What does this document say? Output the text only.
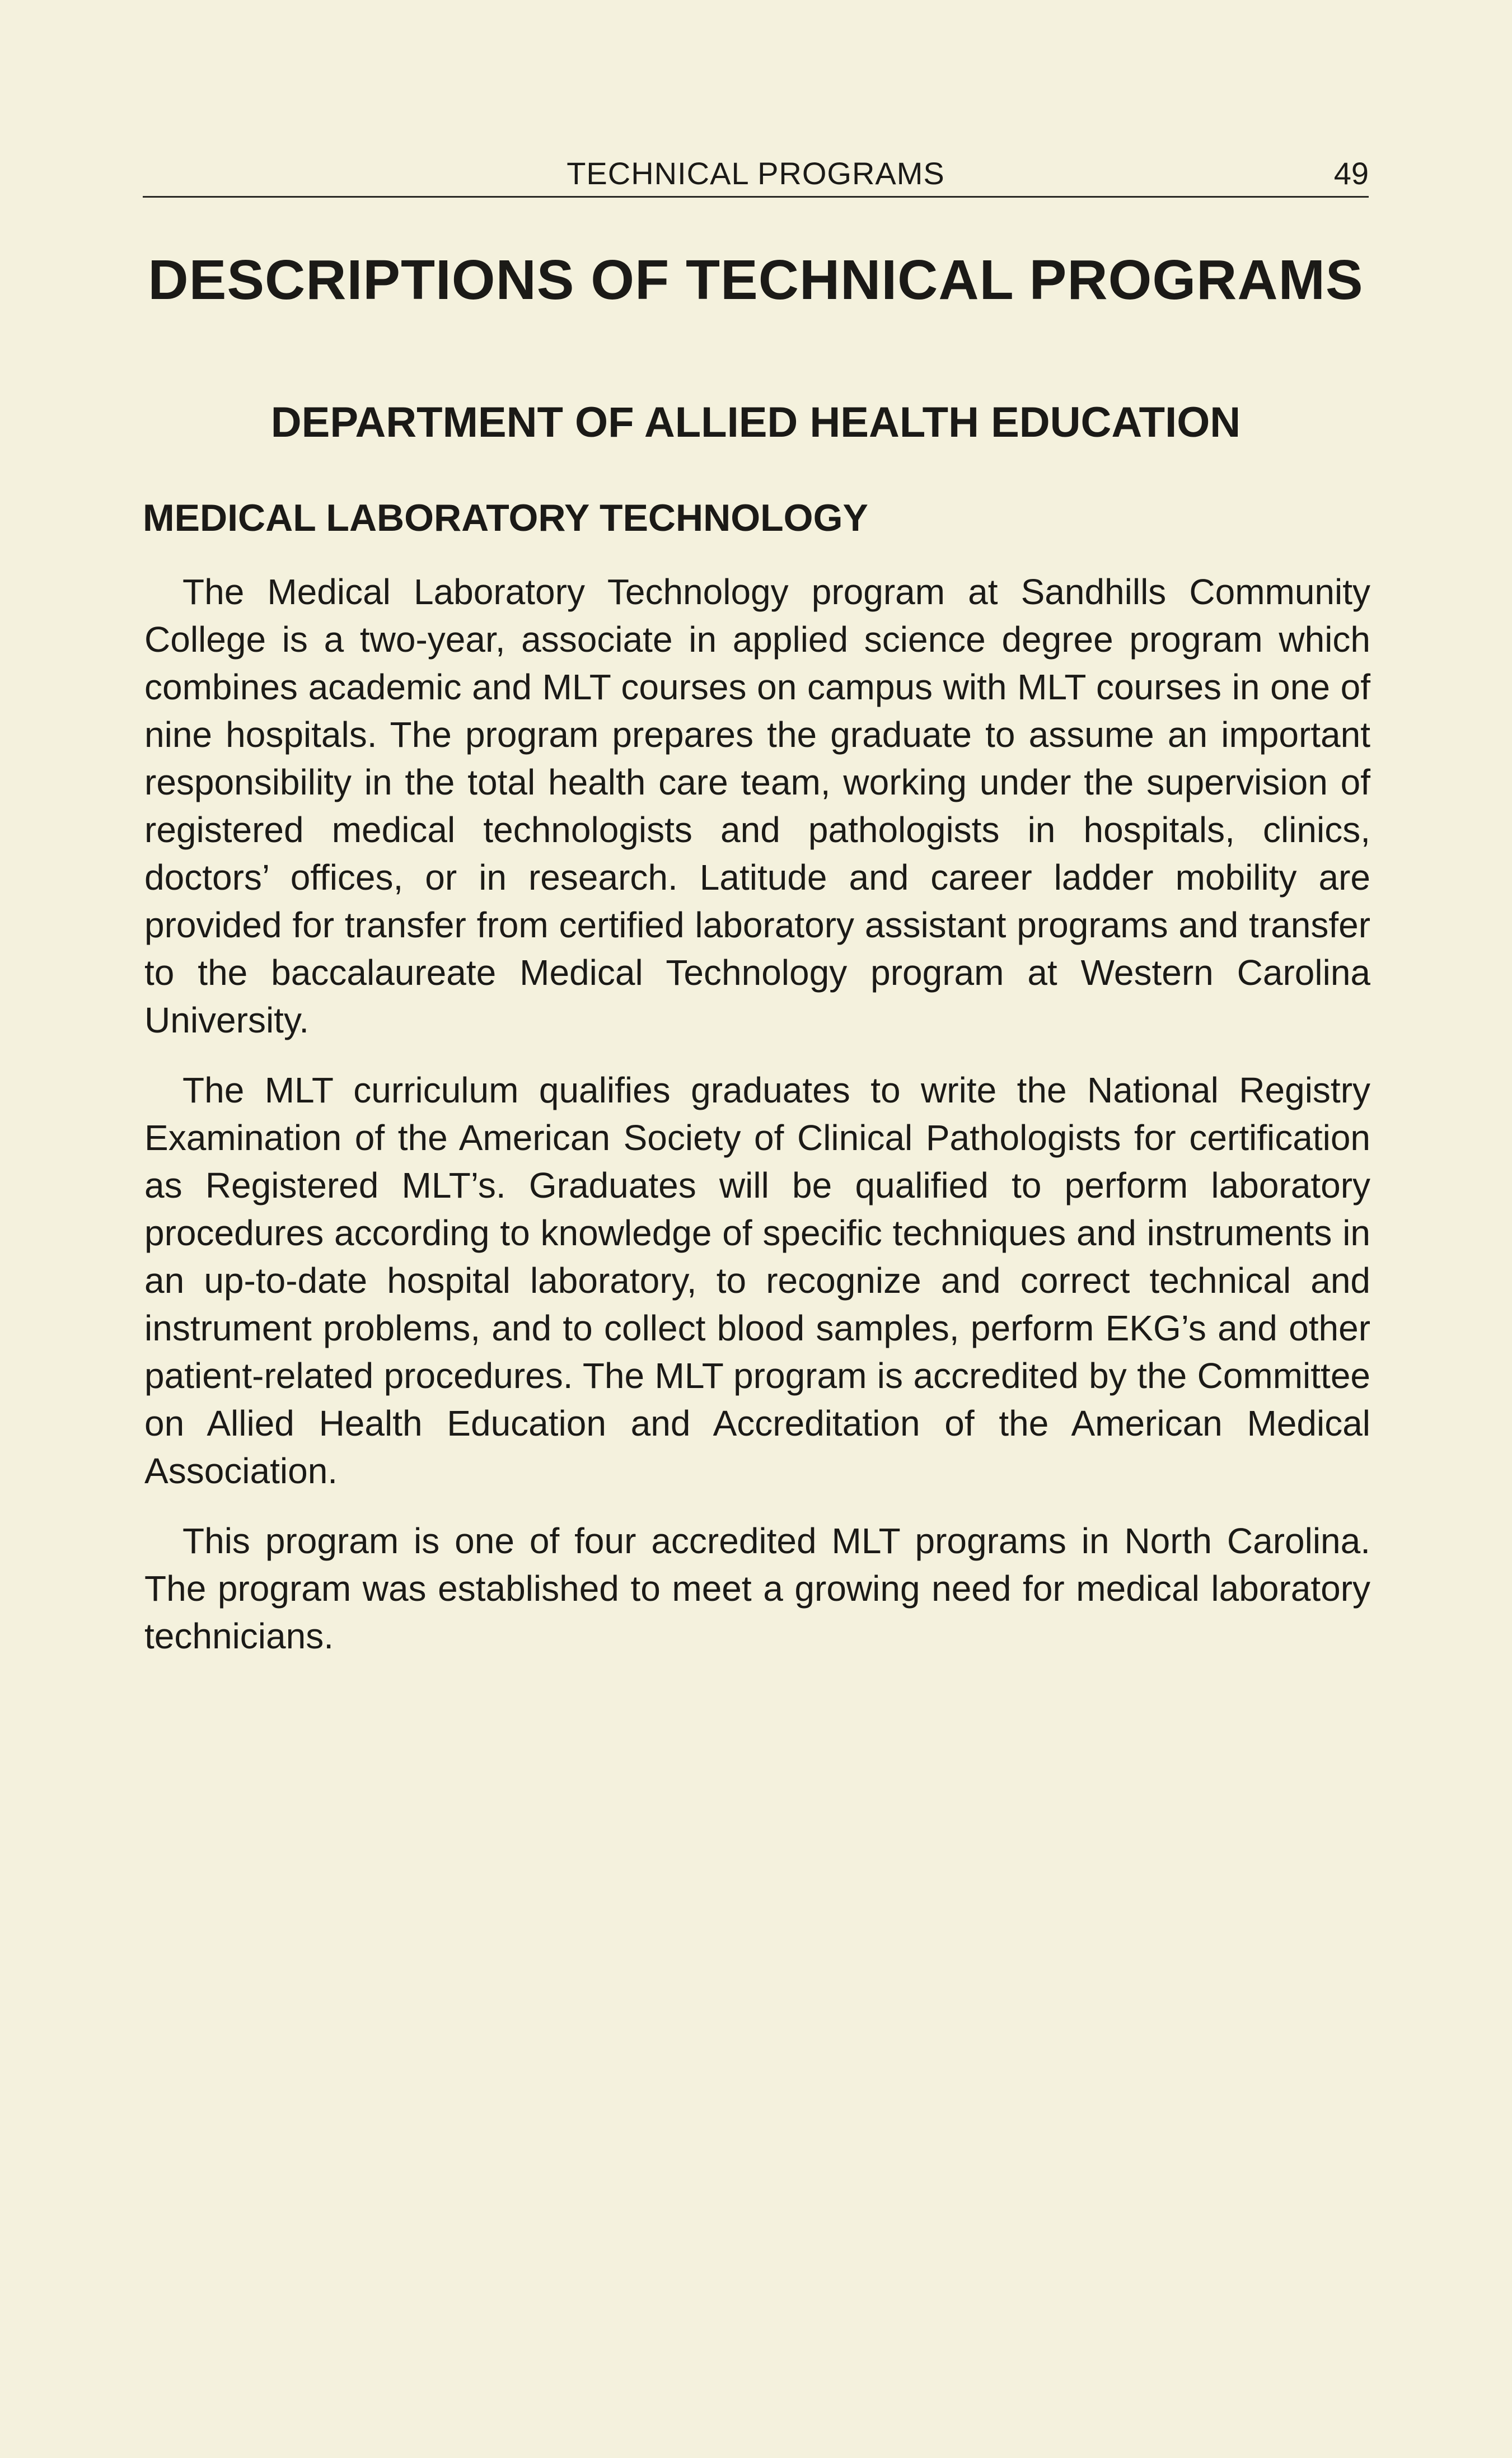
TECHNICAL PROGRAMS	49
DESCRIPTIONS OF TECHNICAL PROGRAMS
DEPARTMENT OF ALLIED HEALTH EDUCATION
MEDICAL LABORATORY TECHNOLOGY

The Medical Laboratory Technology program at Sandhills Community College is a two-year, associate in applied science degree program which combines academic and MLT courses on campus with MLT courses in one of nine hospitals. The program prepares the graduate to assume an important responsibility in the total health care team, working under the supervision of registered medical technologists and pathologists in hospitals, clinics, doctors’ offices, or in research. Latitude and career ladder mobility are provided for transfer from certified laboratory assistant programs and transfer to the baccalaureate Medical Technology program at Western Carolina University.

The MLT curriculum qualifies graduates to write the National Registry Examination of the American Society of Clinical Pathologists for certification as Registered MLT’s. Graduates will be qualified to perform laboratory procedures according to knowledge of specific techniques and instruments in an up-to-date hospital laboratory, to recognize and correct technical and instrument problems, and to collect blood samples, perform EKG’s and other patient-related procedures. The MLT program is accredited by the Committee on Allied Health Education and Accreditation of the American Medical Association.

This program is one of four accredited MLT programs in North Carolina. The program was established to meet a growing need for medical laboratory technicians.
